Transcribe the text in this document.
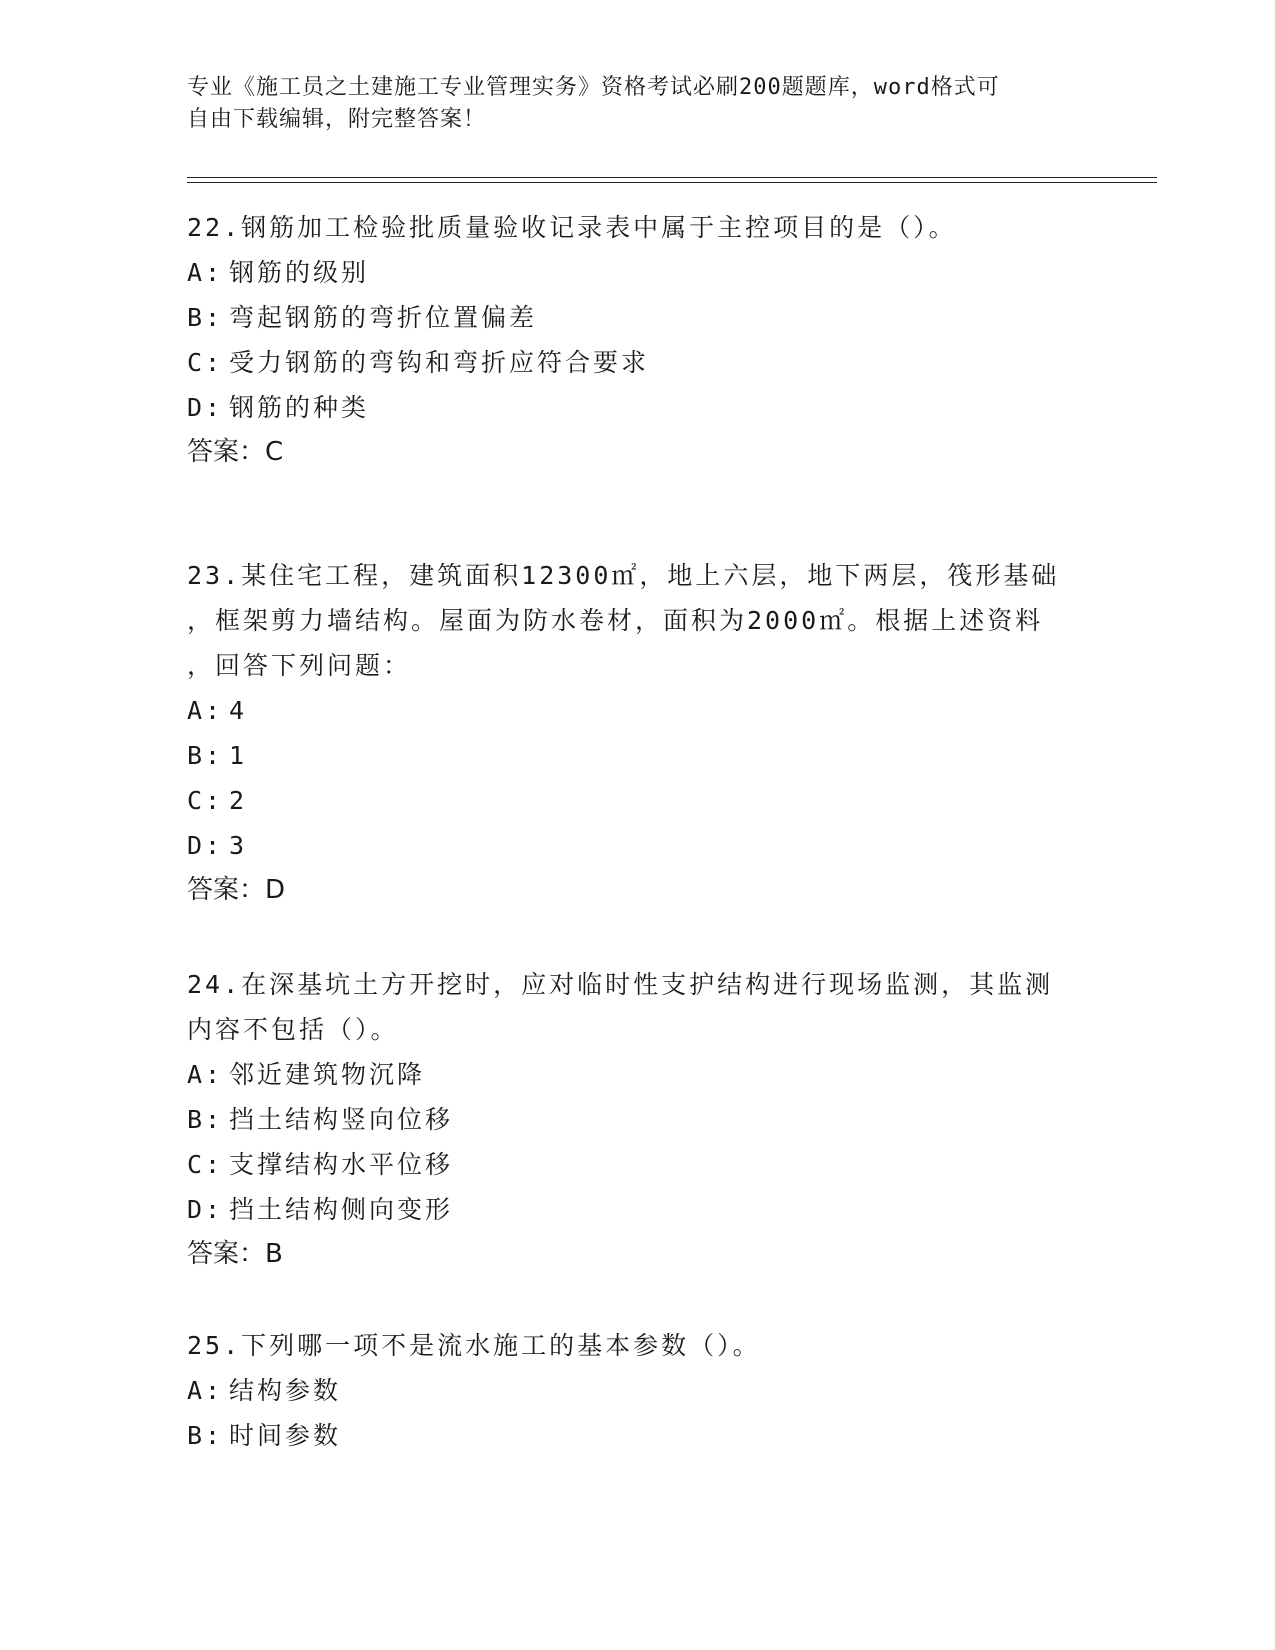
专业《施工员之土建施工专业管理实务》资格考试必刷200题题库，word格式可
自由下载编辑，附完整答案！

22.钢筋加工检验批质量验收记录表中属于主控项目的是（）。

A: 钢筋的级别

B: 弯起钢筋的弯折位置偏差

C: 受力钢筋的弯钩和弯折应符合要求

D: 钢筋的种类

答案：C

23.某住宅工程，建筑面积12300㎡，地上六层，地下两层，筏形基础

，框架剪力墙结构。屋面为防水卷材，面积为2000㎡。根据上述资料

，回答下列问题：

A: 4

B: 1

C: 2

D: 3

答案：D

24.在深基坑土方开挖时，应对临时性支护结构进行现场监测，其监测

内容不包括（）。

A: 邻近建筑物沉降

B: 挡土结构竖向位移

C: 支撑结构水平位移

D: 挡土结构侧向变形

答案：B

25.下列哪一项不是流水施工的基本参数（）。

A: 结构参数

B: 时间参数
